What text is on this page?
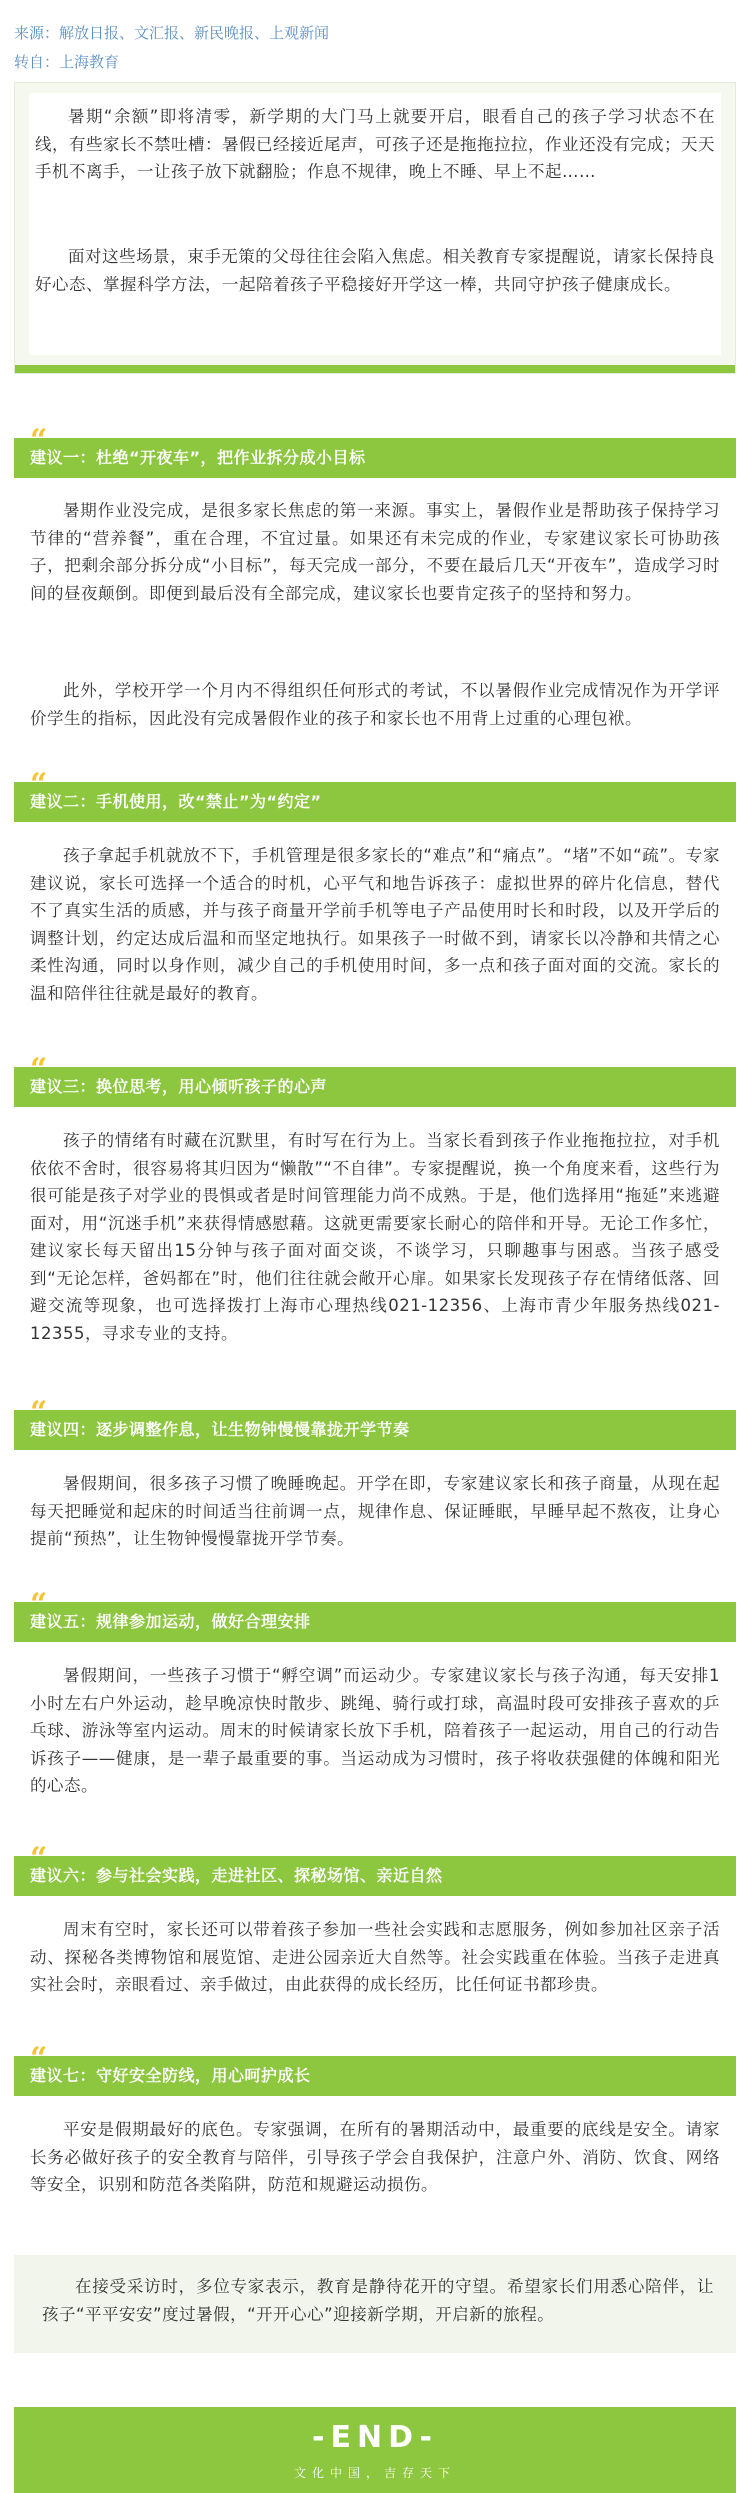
来源：解放日报、文汇报、新民晚报、上观新闻
转自：上海教育

暑期“余额”即将清零，新学期的大门马上就要开启，眼看自己的孩子学习状态不在线，有些家长不禁吐槽：暑假已经接近尾声，可孩子还是拖拖拉拉，作业还没有完成；天天手机不离手，一让孩子放下就翻脸；作息不规律，晚上不睡、早上不起……

面对这些场景，束手无策的父母往往会陷入焦虑。相关教育专家提醒说，请家长保持良好心态、掌握科学方法，一起陪着孩子平稳接好开学这一棒，共同守护孩子健康成长。

“
建议一：杜绝“开夜车”，把作业拆分成小目标

暑期作业没完成，是很多家长焦虑的第一来源。事实上，暑假作业是帮助孩子保持学习节律的“营养餐”，重在合理，不宜过量。如果还有未完成的作业，专家建议家长可协助孩子，把剩余部分拆分成“小目标”，每天完成一部分，不要在最后几天“开夜车”，造成学习时间的昼夜颠倒。即便到最后没有全部完成，建议家长也要肯定孩子的坚持和努力。

此外，学校开学一个月内不得组织任何形式的考试，不以暑假作业完成情况作为开学评价学生的指标，因此没有完成暑假作业的孩子和家长也不用背上过重的心理包袱。

“
建议二：手机使用，改“禁止”为“约定”

孩子拿起手机就放不下，手机管理是很多家长的“难点”和“痛点”。“堵”不如“疏”。专家建议说，家长可选择一个适合的时机，心平气和地告诉孩子：虚拟世界的碎片化信息，替代不了真实生活的质感，并与孩子商量开学前手机等电子产品使用时长和时段，以及开学后的调整计划，约定达成后温和而坚定地执行。如果孩子一时做不到，请家长以冷静和共情之心柔性沟通，同时以身作则，减少自己的手机使用时间，多一点和孩子面对面的交流。家长的温和陪伴往往就是最好的教育。

“
建议三：换位思考，用心倾听孩子的心声

孩子的情绪有时藏在沉默里，有时写在行为上。当家长看到孩子作业拖拖拉拉，对手机依依不舍时，很容易将其归因为“懒散”“不自律”。专家提醒说，换一个角度来看，这些行为很可能是孩子对学业的畏惧或者是时间管理能力尚不成熟。于是，他们选择用“拖延”来逃避面对，用“沉迷手机”来获得情感慰藉。这就更需要家长耐心的陪伴和开导。无论工作多忙，建议家长每天留出15分钟与孩子面对面交谈，不谈学习，只聊趣事与困惑。当孩子感受到“无论怎样，爸妈都在”时，他们往往就会敞开心扉。如果家长发现孩子存在情绪低落、回避交流等现象，也可选择拨打上海市心理热线021-12356、上海市青少年服务热线021-12355，寻求专业的支持。

“
建议四：逐步调整作息，让生物钟慢慢靠拢开学节奏

暑假期间，很多孩子习惯了晚睡晚起。开学在即，专家建议家长和孩子商量，从现在起每天把睡觉和起床的时间适当往前调一点，规律作息、保证睡眠，早睡早起不熬夜，让身心提前“预热”，让生物钟慢慢靠拢开学节奏。

“
建议五：规律参加运动，做好合理安排

暑假期间，一些孩子习惯于“孵空调”而运动少。专家建议家长与孩子沟通，每天安排1小时左右户外运动，趁早晚凉快时散步、跳绳、骑行或打球，高温时段可安排孩子喜欢的乒乓球、游泳等室内运动。周末的时候请家长放下手机，陪着孩子一起运动，用自己的行动告诉孩子——健康，是一辈子最重要的事。当运动成为习惯时，孩子将收获强健的体魄和阳光的心态。

“
建议六：参与社会实践，走进社区、探秘场馆、亲近自然

周末有空时，家长还可以带着孩子参加一些社会实践和志愿服务，例如参加社区亲子活动、探秘各类博物馆和展览馆、走进公园亲近大自然等。社会实践重在体验。当孩子走进真实社会时，亲眼看过、亲手做过，由此获得的成长经历，比任何证书都珍贵。

“
建议七：守好安全防线，用心呵护成长

平安是假期最好的底色。专家强调，在所有的暑期活动中，最重要的底线是安全。请家长务必做好孩子的安全教育与陪伴，引导孩子学会自我保护，注意户外、消防、饮食、网络等安全，识别和防范各类陷阱，防范和规避运动损伤。

在接受采访时，多位专家表示，教育是静待花开的守望。希望家长们用悉心陪伴，让孩子“平平安安”度过暑假，“开开心心”迎接新学期，开启新的旅程。

-END-
文化中国，吉存天下
